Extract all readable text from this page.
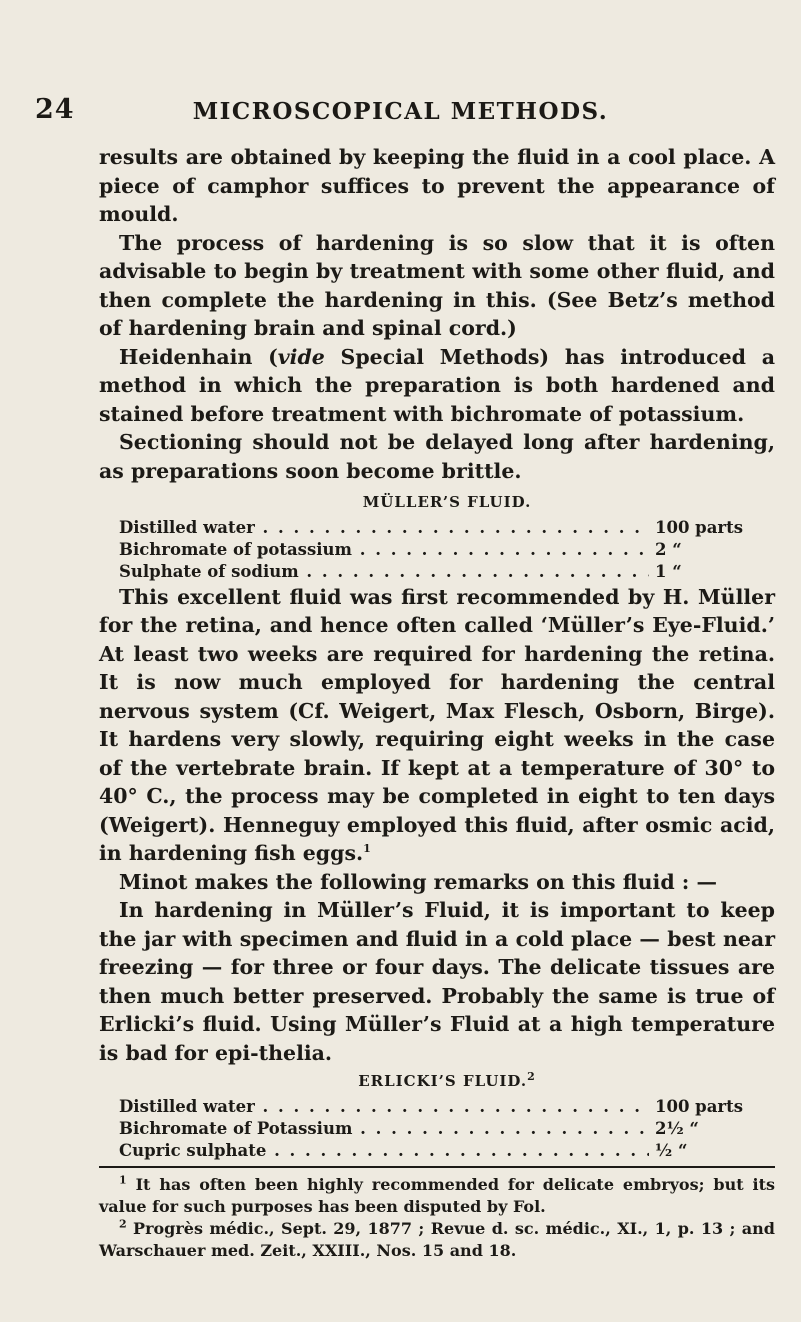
24	MICROSCOPICAL METHODS.

results are obtained by keeping the fluid in a cool place. A piece of camphor suffices to prevent the appearance of mould.

The process of hardening is so slow that it is often advisable to begin by treatment with some other fluid, and then complete the hardening in this. (See Betz’s method of hardening brain and spinal cord.)

Heidenhain (vide Special Methods) has introduced a method in which the preparation is both hardened and stained before treatment with bichromate of potassium.

Sectioning should not be delayed long after hardening, as preparations soon become brittle.

MÜLLER’S FLUID.
Distilled water . . .	100 parts
Bichromate of potassium . . .	2 “
Sulphate of sodium . . .	1 “

This excellent fluid was first recommended by H. Müller for the retina, and hence often called ‘Müller’s Eye-Fluid.’ At least two weeks are required for hardening the retina. It is now much employed for hardening the central nervous system (Cf. Weigert, Max Flesch, Osborn, Birge). It hardens very slowly, requiring eight weeks in the case of the vertebrate brain. If kept at a temperature of 30° to 40° C., the process may be completed in eight to ten days (Weigert). Henneguy employed this fluid, after osmic acid, in hardening fish eggs.$^1$

Minot makes the following remarks on this fluid : —

In hardening in Müller’s Fluid, it is important to keep the jar with specimen and fluid in a cold place — best near freezing — for three or four days. The delicate tissues are then much better preserved. Probably the same is true of Erlicki’s fluid. Using Müller’s Fluid at a high temperature is bad for epi-thelia.

ERLICKI’S FLUID.$^2$
Distilled water . . .	100 parts
Bichromate of Potassium . . .	2½ “
Cupric sulphate . . .	½ “

$^1$ It has often been highly recommended for delicate embryos; but its value for such purposes has been disputed by Fol.

$^2$ Progrès médic., Sept. 29, 1877 ; Revue d. sc. médic., XI., 1, p. 13 ; and Warschauer med. Zeit., XXIII., Nos. 15 and 18.
